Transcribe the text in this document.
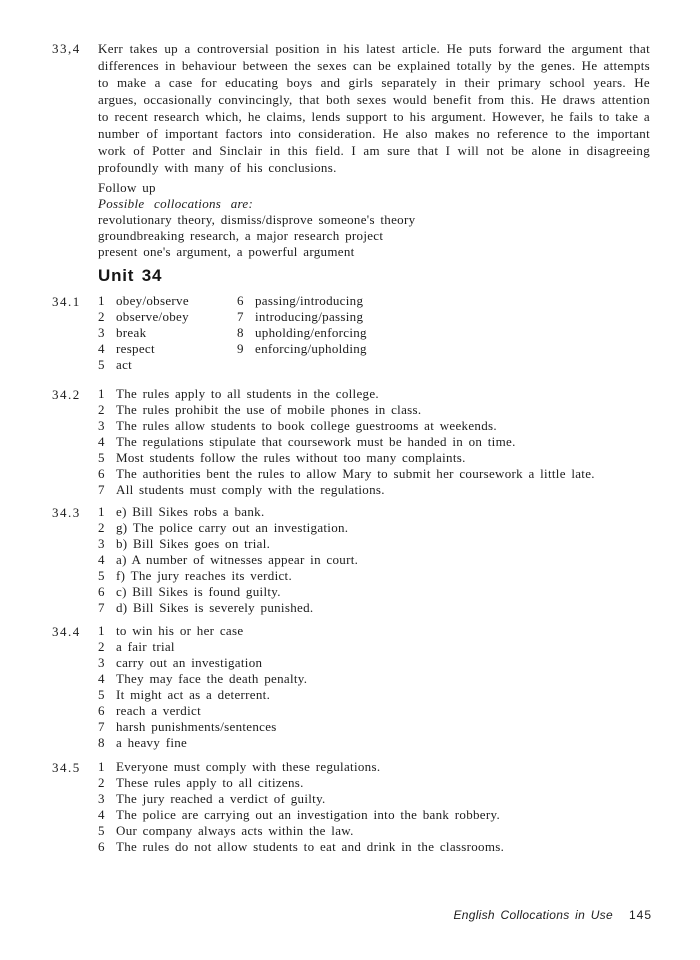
33,4	Kerr takes up a controversial position in his latest article. He puts forward the argument that differences in behaviour between the sexes can be explained totally by the genes. He attempts to make a case for educating boys and girls separately in their primary school years. He argues, occasionally convincingly, that both sexes would benefit from this. He draws attention to recent research which, he claims, lends support to his argument. However, he fails to take a number of important factors into consideration. He also makes no reference to the important work of Potter and Sinclair in this field. I am sure that I will not be alone in disagreeing profoundly with many of his conclusions.
Follow up
Possible collocations are:
revolutionary theory, dismiss/disprove someone's theory
groundbreaking research, a major research project
present one's argument, a powerful argument
Unit 34
34.1	1 obey/observe
2 observe/obey
3 break
4 respect
5 act
6 passing/introducing
7 introducing/passing
8 upholding/enforcing
9 enforcing/upholding
34.2	1 The rules apply to all students in the college.
2 The rules prohibit the use of mobile phones in class.
3 The rules allow students to book college guestrooms at weekends.
4 The regulations stipulate that coursework must be handed in on time.
5 Most students follow the rules without too many complaints.
6 The authorities bent the rules to allow Mary to submit her coursework a little late.
7 All students must comply with the regulations.
34.3	1 e) Bill Sikes robs a bank.
2 g) The police carry out an investigation.
3 b) Bill Sikes goes on trial.
4 a) A number of witnesses appear in court.
5 f) The jury reaches its verdict.
6 c) Bill Sikes is found guilty.
7 d) Bill Sikes is severely punished.
34.4	1 to win his or her case
2 a fair trial
3 carry out an investigation
4 They may face the death penalty.
5 It might act as a deterrent.
6 reach a verdict
7 harsh punishments/sentences
8 a heavy fine
34.5	1 Everyone must comply with these regulations.
2 These rules apply to all citizens.
3 The jury reached a verdict of guilty.
4 The police are carrying out an investigation into the bank robbery.
5 Our company always acts within the law.
6 The rules do not allow students to eat and drink in the classrooms.
English Collocations in Use 145
